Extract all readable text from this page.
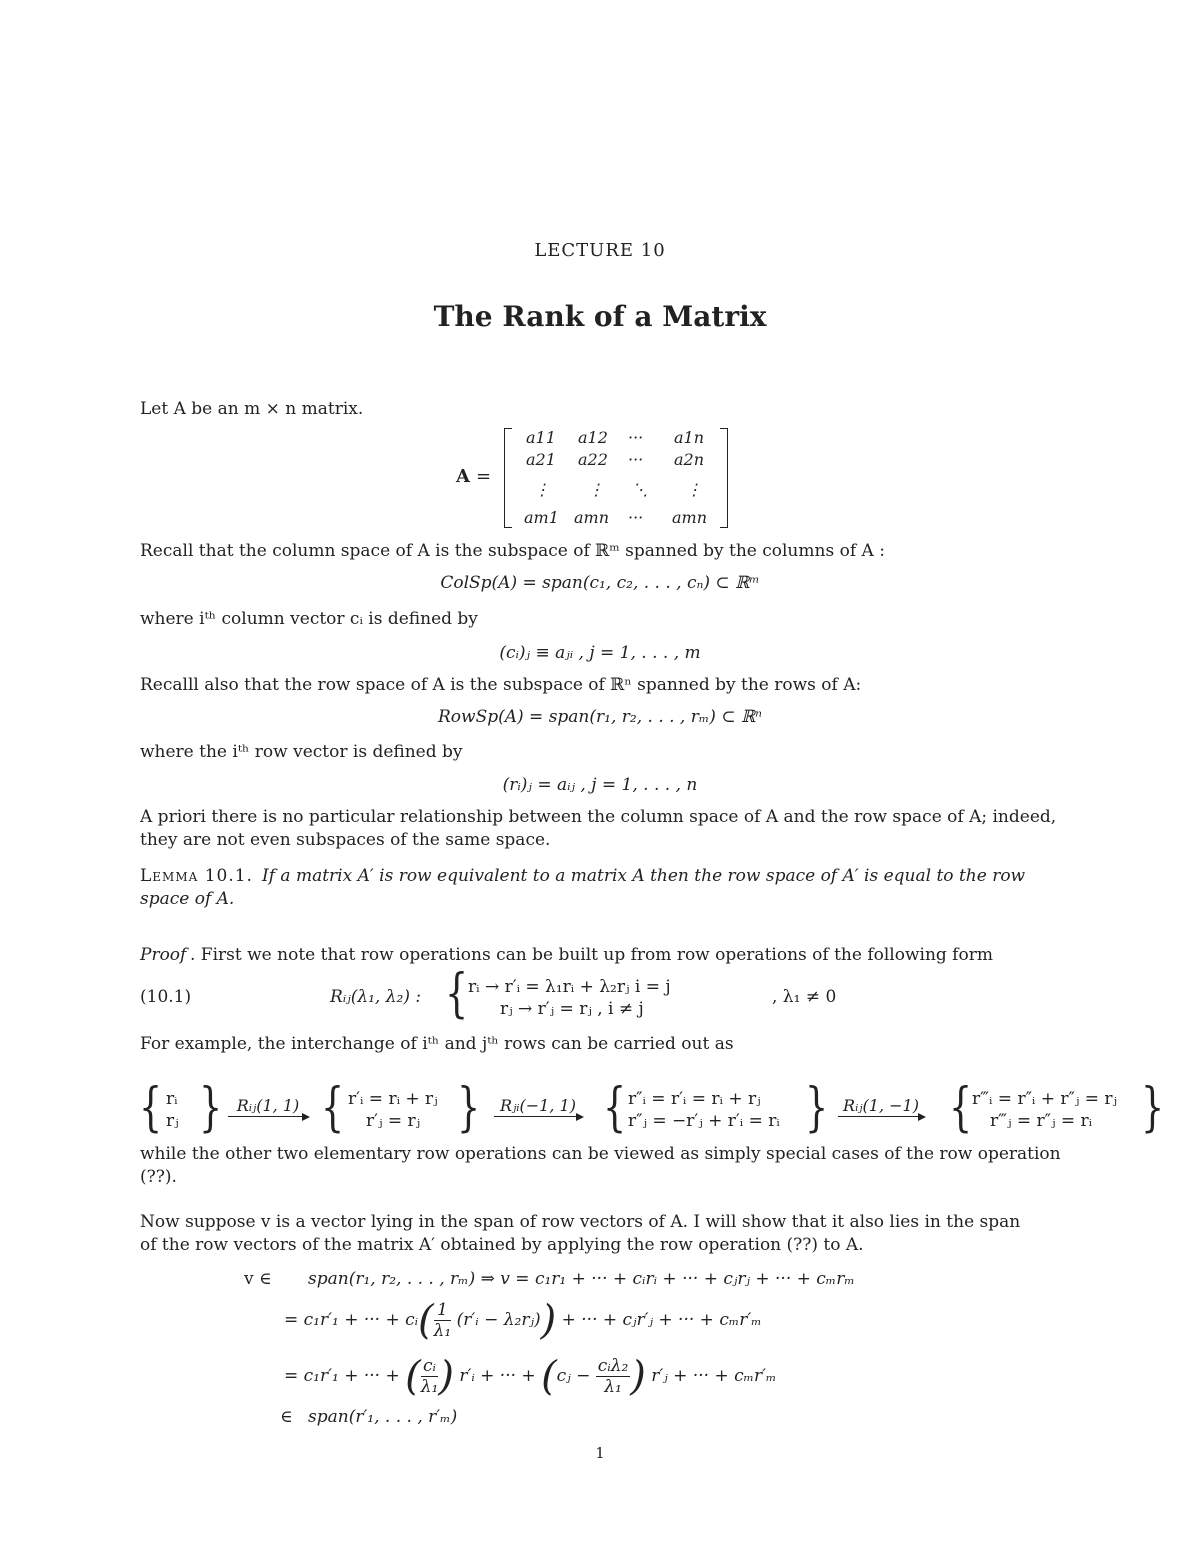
LECTURE 10
The Rank of a Matrix
Let A be an m × n matrix.
A =
a11 a12 ··· a1n
a21 a22 ··· a2n
⋮ ⋮ ⋱ ⋮
am1 amn ··· amn
Recall that the column space of A is the subspace of ℝᵐ spanned by the columns of A :
ColSp(A) = span(c₁, c₂, . . . , cₙ) ⊂ ℝᵐ
where iᵗʰ column vector cᵢ is defined by
(cᵢ)ⱼ ≡ aⱼᵢ , j = 1, . . . , m
Recalll also that the row space of A is the subspace of ℝⁿ spanned by the rows of A:
RowSp(A) = span(r₁, r₂, . . . , rₘ) ⊂ ℝⁿ
where the iᵗʰ row vector is defined by
(rᵢ)ⱼ = aᵢⱼ , j = 1, . . . , n
A priori there is no particular relationship between the column space of A and the row space of A; indeed,
they are not even subspaces of the same space.
Lemma 10.1. If a matrix A′ is row equivalent to a matrix A then the row space of A′ is equal to the row
space of A.
Proof . First we note that row operations can be built up from row operations of the following form
(10.1)	Rᵢⱼ(λ₁, λ₂) : { rᵢ → r′ᵢ = λ₁rᵢ + λ₂rⱼ i = j
rⱼ → r′ⱼ = rⱼ , i ≠ j
, λ₁ ≠ 0
For example, the interchange of iᵗʰ and jᵗʰ rows can be carried out as
{ rᵢ
rⱼ } Rᵢⱼ(1, 1) { r′ᵢ = rᵢ + rⱼ
r′ⱼ = rⱼ }	Rⱼᵢ(−1, 1) { r″ᵢ = r′ᵢ = rᵢ + rⱼ
r″ⱼ = −r′ⱼ + r′ᵢ = rᵢ } Rᵢⱼ(1, −1) { r‴ᵢ = r″ᵢ + r″ⱼ = rⱼ
r‴ⱼ = r″ⱼ = rᵢ }
while the other two elementary row operations can be viewed as simply special cases of the row operation
(??).
Now suppose v is a vector lying in the span of row vectors of A. I will show that it also lies in the span
of the row vectors of the matrix A′ obtained by applying the row operation (??) to A.
v ∈ span(r₁, r₂, . . . , rₘ) ⇒ v = c₁r₁ + ··· + cᵢrᵢ + ··· + cⱼrⱼ + ··· + cₘrₘ
= c₁r′₁ + ··· + cᵢ( $\frac{1}{\text{λ₁}}$ (r′ᵢ − λ₂rⱼ)) + ··· + cⱼr′ⱼ + ··· + cₘr′ₘ
= c₁r′₁ + ··· + ( $\frac{\text{cᵢ}}{\text{λ₁}}$ ) r′ᵢ + ··· + (cⱼ − $\frac{\text{cᵢλ₂}}{\text{λ₁}}$ ) r′ⱼ + ··· + cₘr′ₘ
∈ span(r′₁, . . . , r′ₘ)
1
